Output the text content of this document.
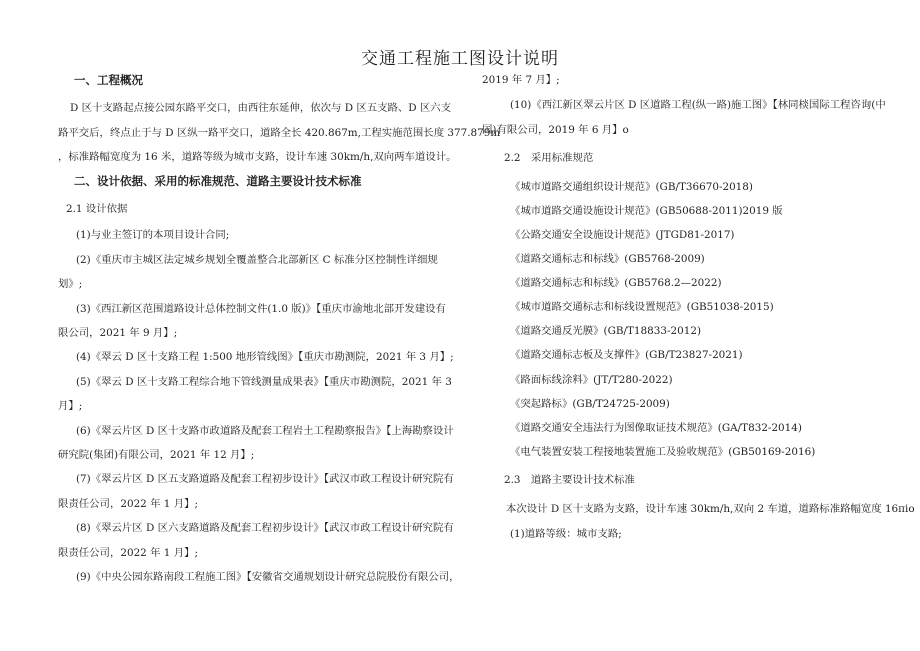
交通工程施工图设计说明
一、工程概况
D 区十支路起点接公园东路平交口，由西往东延伸，依次与 D 区五支路、D 区六支
路平交后，终点止于与 D 区纵一路平交口，道路全长 420.867m,工程实施范围长度 377.879m
，标准路幅宽度为 16 米，道路等级为城市支路，设计车速 30km/h,双向两车道设计。
二、设计依据、采用的标准规范、道路主要设计技术标准
2.1 设计依据
(1)与业主签订的本项目设计合同;
(2)《重庆市主城区法定城乡规划全覆盖整合北部新区 C 标准分区控制性详细规
划》;
(3)《西江新区范围道路设计总体控制文件(1.0 版)》【重庆市渝地北部开发建设有
限公司，2021 年 9 月】;
(4)《翠云 D 区十支路工程 1:500 地形管线图》【重庆市勘测院，2021 年 3 月】;
(5)《翠云 D 区十支路工程综合地下管线测量成果表》【重庆市勘测院，2021 年 3
月】;
(6)《翠云片区 D 区十支路市政道路及配套工程岩土工程勘察报告》【上海勘察设计
研究院(集团)有限公司，2021 年 12 月】;
(7)《翠云片区 D 区五支路道路及配套工程初步设计》【武汉市政工程设计研究院有
限责任公司，2022 年 1 月】;
(8)《翠云片区 D 区六支路道路及配套工程初步设计》【武汉市政工程设计研究院有
限责任公司，2022 年 1 月】;
(9)《中央公园东路南段工程施工图》【安徽省交通规划设计研究总院股份有限公司，
2019 年 7 月】;
(10)《西江新区翠云片区 D 区道路工程(纵一路)施工图》【林同棪国际工程咨询(中
国)有限公司，2019 年 6 月】o
2.2　采用标准规范
《城市道路交通组织设计规范》(GB/T36670-2018)
《城市道路交通设施设计规范》(GB50688-2011)2019 版
《公路交通安全设施设计规范》(JTGD81-2017)
《道路交通标志和标线》(GB5768-2009)
《道路交通标志和标线》(GB5768.2—2022)
《城市道路交通标志和标线设置规范》(GB51038-2015)
《道路交通反光膜》(GB/T18833-2012)
《道路交通标志板及支撑件》(GB/T23827-2021)
《路面标线涂料》(JT/T280-2022)
《突起路标》(GB/T24725-2009)
《道路交通安全违法行为图像取证技术规范》(GA/T832-2014)
《电气装置安装工程接地装置施工及验收规范》(GB50169-2016)
2.3　道路主要设计技术标准
本次设计 D 区十支路为支路，设计车速 30km/h,双向 2 车道，道路标准路幅宽度 16πio
(1)道路等级：城市支路;
